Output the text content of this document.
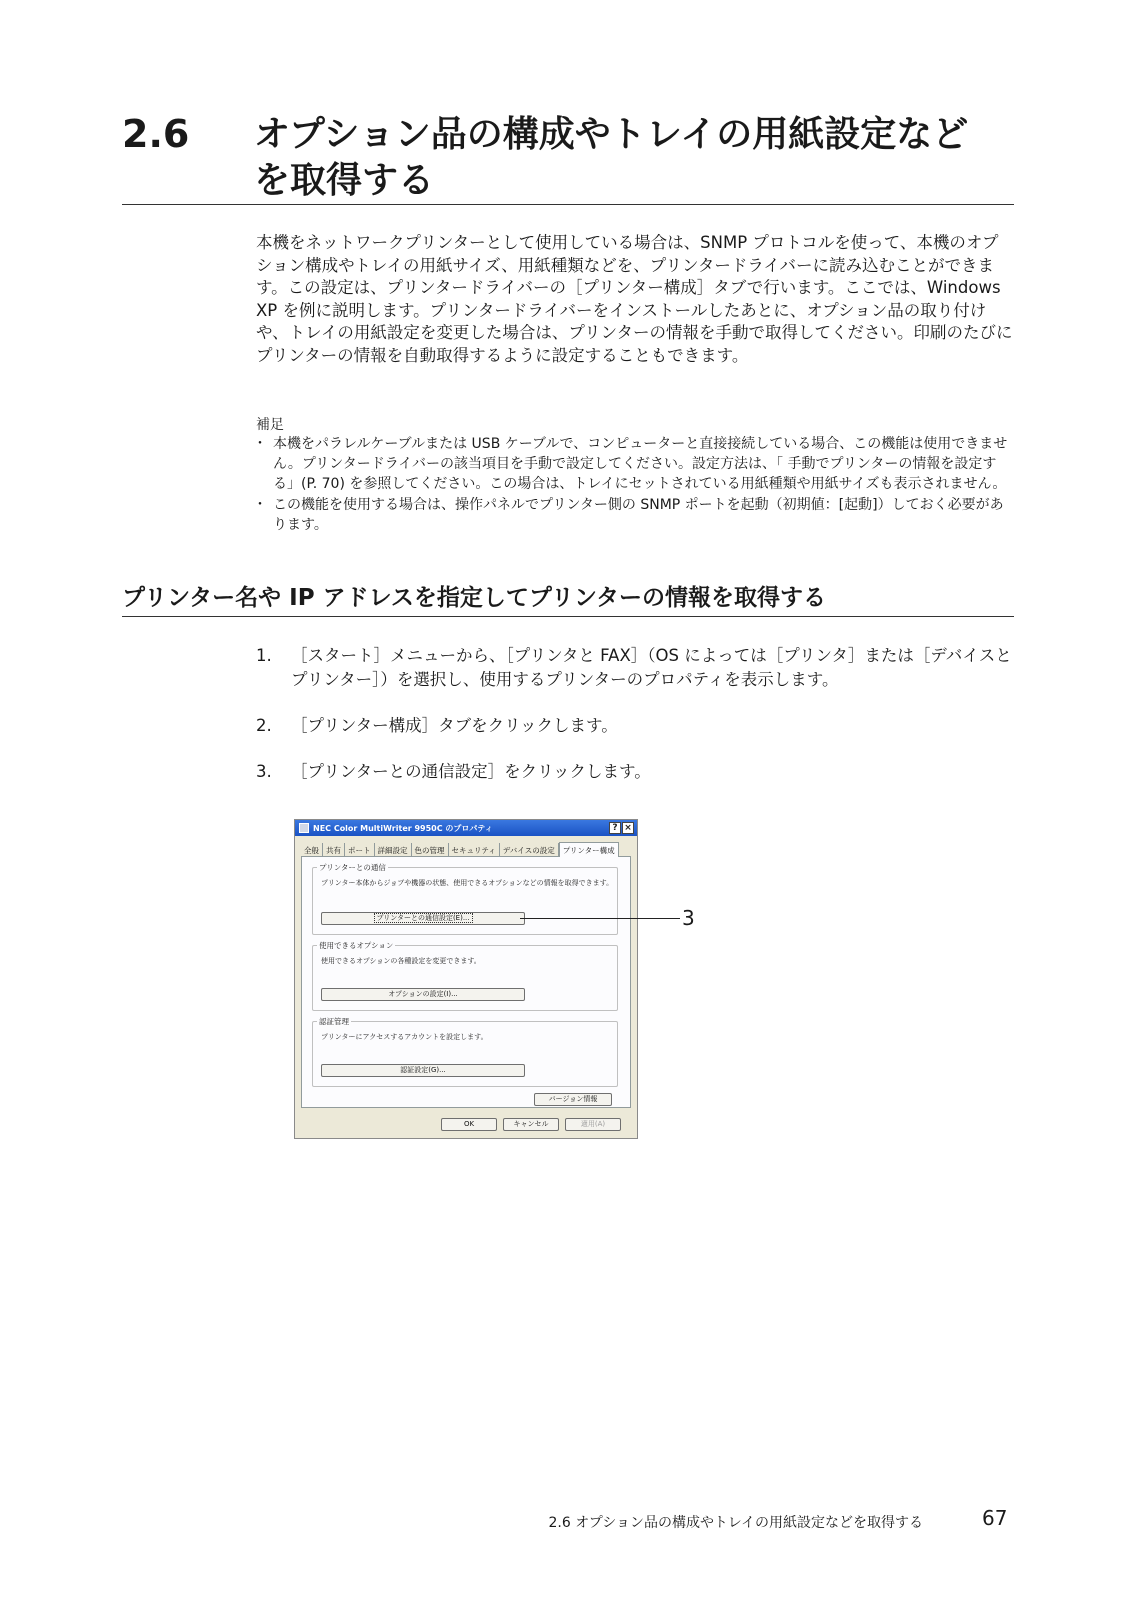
2.6 オプション品の構成やトレイの用紙設定などを取得する

本機をネットワークプリンターとして使用している場合は、SNMP プロトコルを使って、本機のオプション構成やトレイの用紙サイズ、用紙種類などを、プリンタードライバーに読み込むことができます。この設定は、プリンタードライバーの［プリンター構成］タブで行います。ここでは、Windows XP を例に説明します。プリンタードライバーをインストールしたあとに、オプション品の取り付けや、トレイの用紙設定を変更した場合は、プリンターの情報を手動で取得してください。印刷のたびにプリンターの情報を自動取得するように設定することもできます。

補足
・ 本機をパラレルケーブルまたは USB ケーブルで、コンピューターと直接接続している場合、この機能は使用できません。プリンタードライバーの該当項目を手動で設定してください。設定方法は、「 手動でプリンターの情報を設定する」(P. 70) を参照してください。この場合は、トレイにセットされている用紙種類や用紙サイズも表示されません。
・ この機能を使用する場合は、操作パネルでプリンター側の SNMP ポートを起動（初期値：[起動]）しておく必要があります。
プリンター名や IP アドレスを指定してプリンターの情報を取得する
1. ［スタート］メニューから、［プリンタと FAX］（OS によっては［プリンタ］または［デバイスとプリンター］）を選択し、使用するプリンターのプロパティを表示します。
2. ［プリンター構成］タブをクリックします。
3. ［プリンターとの通信設定］をクリックします。
NEC Color MultiWriter 9950C のプロパティ	? ×
全般 共有 ポート 詳細設定 色の管理 セキュリティ デバイスの設定 プリンター構成
プリンターとの通信
プリンター本体からジョブや機器の状態、使用できるオプションなどの情報を取得できます。
プリンターとの通信設定(E)...
使用できるオプション
使用できるオプションの各種設定を変更できます。
オプションの設定(I)...
認証管理
プリンターにアクセスするアカウントを設定します。
認証設定(G)...
バージョン情報
OK	キャンセル	適用(A)
3
2.6 オプション品の構成やトレイの用紙設定などを取得する	67
